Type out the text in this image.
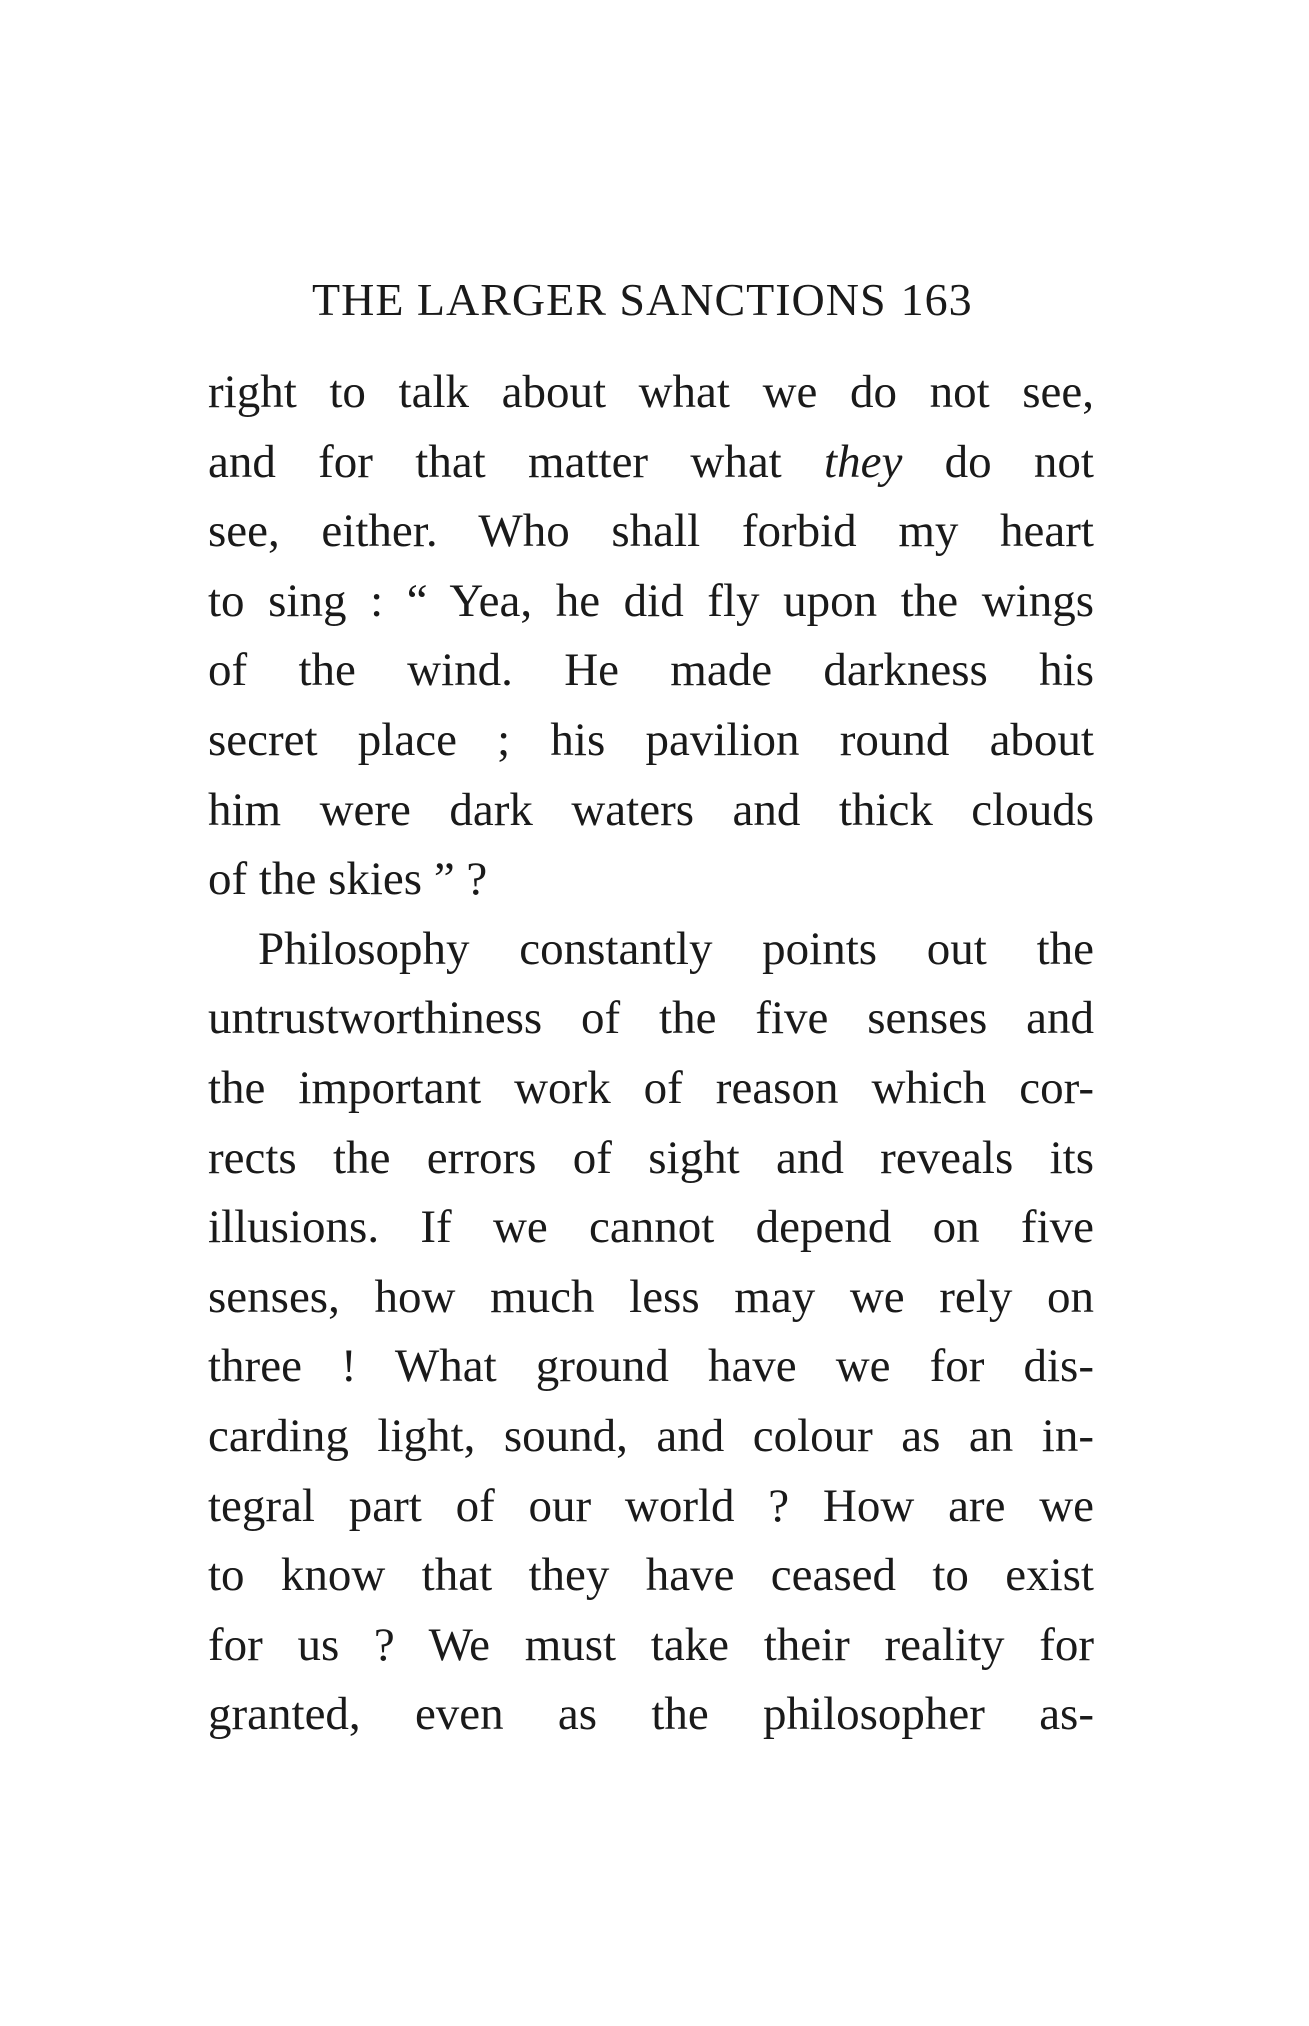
THE LARGER SANCTIONS 163
right to talk about what we do not see,
and for that matter what they do not
see, either. Who shall forbid my heart
to sing : “ Yea, he did fly upon the wings
of the wind. He made darkness his
secret place ; his pavilion round about
him were dark waters and thick clouds
of the skies ” ?
Philosophy constantly points out the
untrustworthiness of the five senses and
the important work of reason which cor-
rects the errors of sight and reveals its
illusions. If we cannot depend on five
senses, how much less may we rely on
three ! What ground have we for dis-
carding light, sound, and colour as an in-
tegral part of our world ? How are we
to know that they have ceased to exist
for us ? We must take their reality for
granted, even as the philosopher as-
